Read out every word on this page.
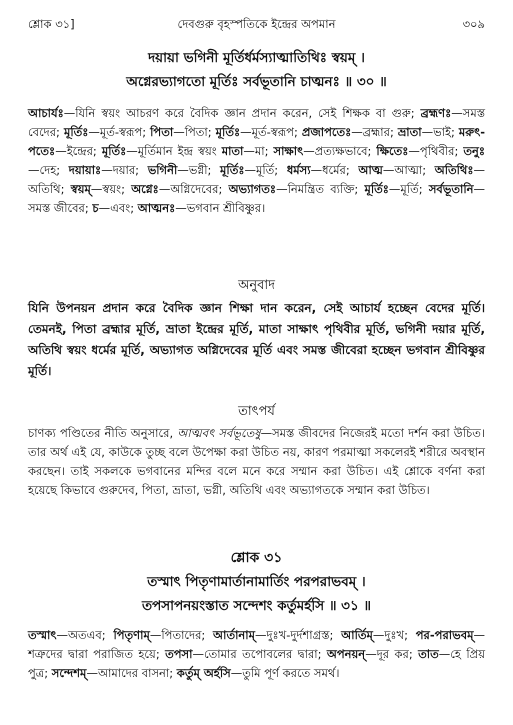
শ্লোক ৩১]	দেবগুরু বৃহস্পতিকে ইন্দ্রের অপমান	৩০৯
দয়ায়া ভগিনী মূর্তির্ধর্মস্যাত্মাতিথিঃ স্বয়ম্ ।
অগ্নেরভ্যাগতো মূর্তিঃ সর্বভূতানি চাত্মনঃ ॥ ৩০ ॥
আচার্যঃ—যিনি স্বয়ং আচরণ করে বৈদিক জ্ঞান প্রদান করেন, সেই শিক্ষক বা গুরু; ব্রহ্মণঃ—সমস্ত বেদের; মূর্তিঃ—মূর্ত-স্বরূপ; পিতা—পিতা; মূর্তিঃ—মূর্ত-স্বরূপ; প্রজাপতেঃ—ব্রহ্মার; ভ্রাতা—ভাই; মরুৎ-পতেঃ—ইন্দ্রের; মূর্তিঃ—মূর্তিমান ইন্দ্র স্বয়ং মাতা—মা; সাক্ষাৎ—প্রত্যক্ষভাবে; ক্ষিতেঃ—পৃথিবীর; তনুঃ—দেহ; দয়ায়াঃ—দয়ার; ভগিনী—ভগ্নী; মূর্তিঃ—মূর্তি; ধর্মস্য—ধর্মের; আত্ম—আত্মা; অতিথিঃ—অতিথি; স্বয়ম্—স্বয়ং; অগ্নেঃ—অগ্নিদেবের; অভ্যাগতঃ—নিমন্ত্রিত ব্যক্তি; মূর্তিঃ—মূর্তি; সর্বভূতানি—সমস্ত জীবের; চ—এবং; আত্মনঃ—ভগবান শ্রীবিষ্ণুর।
অনুবাদ
যিনি উপনয়ন প্রদান করে বৈদিক জ্ঞান শিক্ষা দান করেন, সেই আচার্য হচ্ছেন বেদের মূর্তি। তেমনই, পিতা ব্রহ্মার মূর্তি, ভ্রাতা ইন্দ্রের মূর্তি, মাতা সাক্ষাৎ পৃথিবীর মূর্তি, ভগিনী দয়ার মূর্তি, অতিথি স্বয়ং ধর্মের মূর্তি, অভ্যাগত অগ্নিদেবের মূর্তি এবং সমস্ত জীবেরা হচ্ছেন ভগবান শ্রীবিষ্ণুর মূর্তি।
তাৎপর্য
চাণক্য পণ্ডিতের নীতি অনুসারে, আত্মবৎ সর্বভূতেষু—সমস্ত জীবদের নিজেরই মতো দর্শন করা উচিত। তার অর্থ এই যে, কাউকে তুচ্ছ বলে উপেক্ষা করা উচিত নয়, কারণ পরমাত্মা সকলেরই শরীরে অবস্থান করছেন। তাই সকলকে ভগবানের মন্দির বলে মনে করে সম্মান করা উচিত। এই শ্লোকে বর্ণনা করা হয়েছে কিভাবে গুরুদেব, পিতা, ভ্রাতা, ভগ্নী, অতিথি এবং অভ্যাগতকে সম্মান করা উচিত।
শ্লোক ৩১
তস্মাৎ পিতৃণামার্তানামার্তিং পরপরাভবম্ ।
তপসাপনয়ংস্তাত সন্দেশং কর্তুমর্হসি ॥ ৩১ ॥
তস্মাৎ—অতএব; পিতৃণাম্—পিতাদের; আর্তানাম্—দুঃখ-দুর্দশাগ্রস্ত; আর্তিম্—দুঃখ; পর-পরাভবম্—শত্রুদের দ্বারা পরাজিত হয়ে; তপসা—তোমার তপোবলের দ্বারা; অপনয়ন্—দূর কর; তাত—হে প্রিয় পুত্র; সন্দেশম্—আমাদের বাসনা; কর্তুম্ অর্হসি—তুমি পূর্ণ করতে সমর্থ।
